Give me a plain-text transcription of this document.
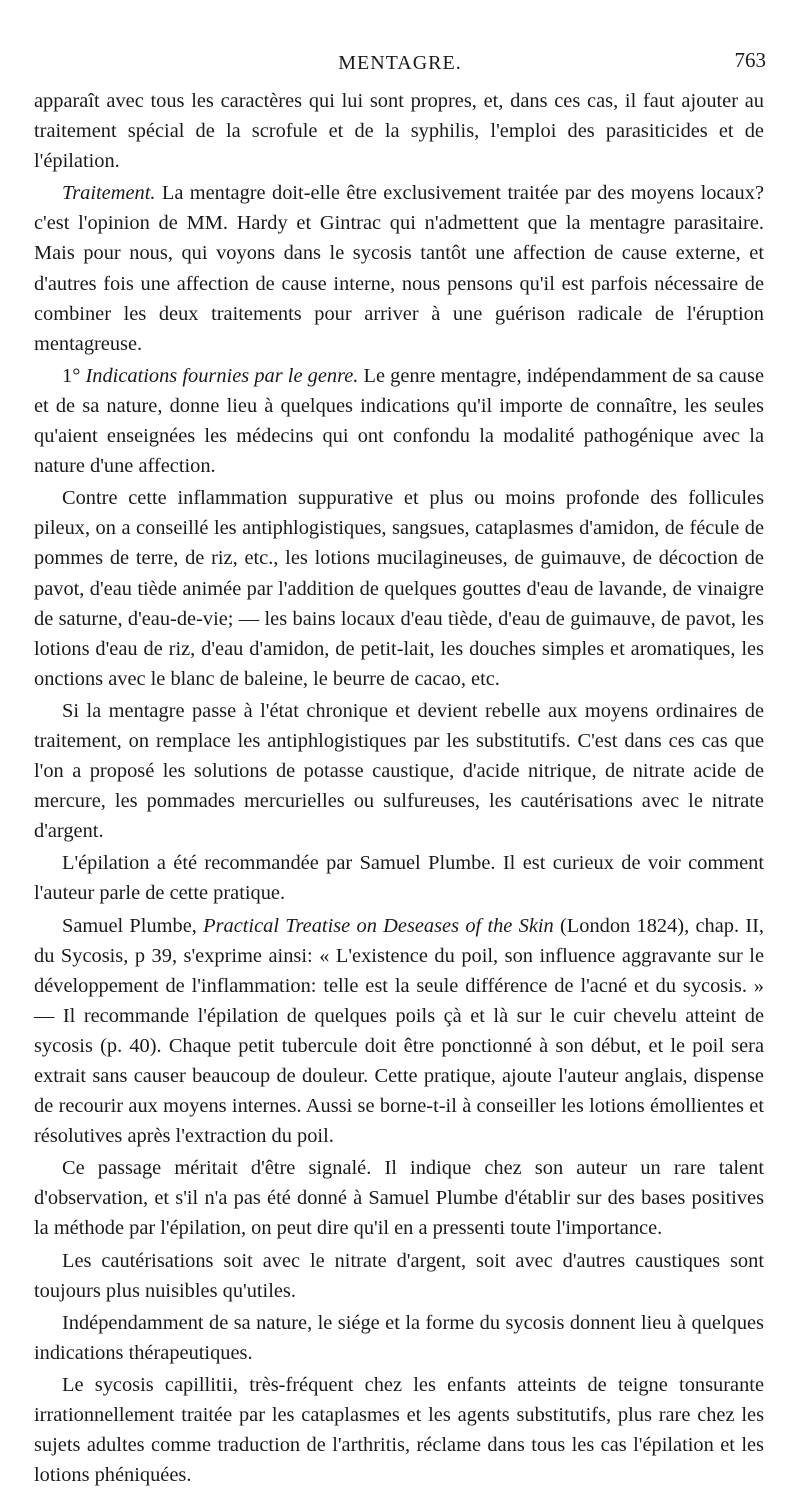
MENTAGRE.	763

apparaît avec tous les caractères qui lui sont propres, et, dans ces cas, il faut ajouter au traitement spécial de la scrofule et de la syphilis, l'emploi des parasiticides et de l'épilation.

Traitement. La mentagre doit-elle être exclusivement traitée par des moyens locaux? c'est l'opinion de MM. Hardy et Gintrac qui n'admettent que la mentagre parasitaire. Mais pour nous, qui voyons dans le sycosis tantôt une affection de cause externe, et d'autres fois une affection de cause interne, nous pensons qu'il est parfois nécessaire de combiner les deux traitements pour arriver à une guérison radicale de l'éruption mentagreuse.

1° Indications fournies par le genre. Le genre mentagre, indépendamment de sa cause et de sa nature, donne lieu à quelques indications qu'il importe de connaître, les seules qu'aient enseignées les médecins qui ont confondu la modalité pathogénique avec la nature d'une affection.

Contre cette inflammation suppurative et plus ou moins profonde des follicules pileux, on a conseillé les antiphlogistiques, sangsues, cataplasmes d'amidon, de fécule de pommes de terre, de riz, etc., les lotions mucilagineuses, de guimauve, de décoction de pavot, d'eau tiède animée par l'addition de quelques gouttes d'eau de lavande, de vinaigre de saturne, d'eau-de-vie; — les bains locaux d'eau tiède, d'eau de guimauve, de pavot, les lotions d'eau de riz, d'eau d'amidon, de petit-lait, les douches simples et aromatiques, les onctions avec le blanc de baleine, le beurre de cacao, etc.

Si la mentagre passe à l'état chronique et devient rebelle aux moyens ordinaires de traitement, on remplace les antiphlogistiques par les substitutifs. C'est dans ces cas que l'on a proposé les solutions de potasse caustique, d'acide nitrique, de nitrate acide de mercure, les pommades mercurielles ou sulfureuses, les cautérisations avec le nitrate d'argent.

L'épilation a été recommandée par Samuel Plumbe. Il est curieux de voir comment l'auteur parle de cette pratique.

Samuel Plumbe, Practical Treatise on Deseases of the Skin (London 1824), chap. II, du Sycosis, p 39, s'exprime ainsi: « L'existence du poil, son influence aggravante sur le développement de l'inflammation: telle est la seule différence de l'acné et du sycosis. » — Il recommande l'épilation de quelques poils çà et là sur le cuir chevelu atteint de sycosis (p. 40). Chaque petit tubercule doit être ponctionné à son début, et le poil sera extrait sans causer beaucoup de douleur. Cette pratique, ajoute l'auteur anglais, dispense de recourir aux moyens internes. Aussi se borne-t-il à conseiller les lotions émollientes et résolutives après l'extraction du poil.

Ce passage méritait d'être signalé. Il indique chez son auteur un rare talent d'observation, et s'il n'a pas été donné à Samuel Plumbe d'établir sur des bases positives la méthode par l'épilation, on peut dire qu'il en a pressenti toute l'importance.

Les cautérisations soit avec le nitrate d'argent, soit avec d'autres caustiques sont toujours plus nuisibles qu'utiles.

Indépendamment de sa nature, le siége et la forme du sycosis donnent lieu à quelques indications thérapeutiques.

Le sycosis capillitii, très-fréquent chez les enfants atteints de teigne tonsurante irrationnellement traitée par les cataplasmes et les agents substitutifs, plus rare chez les sujets adultes comme traduction de l'arthritis, réclame dans tous les cas l'épilation et les lotions phéniquées.
